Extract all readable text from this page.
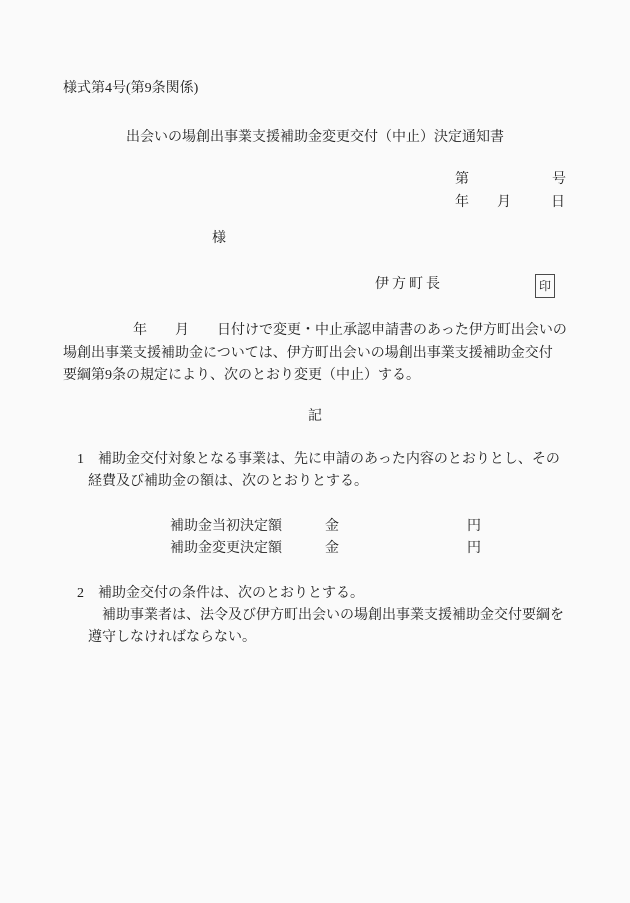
様式第4号(第9条関係)
出会いの場創出事業支援補助金変更交付（中止）決定通知書
第	号
年 月	日
様
伊方町長	印
　　　　　年　　月　　日付けで変更・中止承認申請書のあった伊方町出会いの
場創出事業支援補助金については、伊方町出会いの場創出事業支援補助金交付
要綱第9条の規定により、次のとおり変更（中止）する。
記
1 補助金交付対象となる事業は、先に申請のあった内容のとおりとし、その
経費及び補助金の額は、次のとおりとする。
補助金当初決定額	金	円
補助金変更決定額	金	円
2 補助金交付の条件は、次のとおりとする。
補助事業者は、法令及び伊方町出会いの場創出事業支援補助金交付要綱を
遵守しなければならない。
